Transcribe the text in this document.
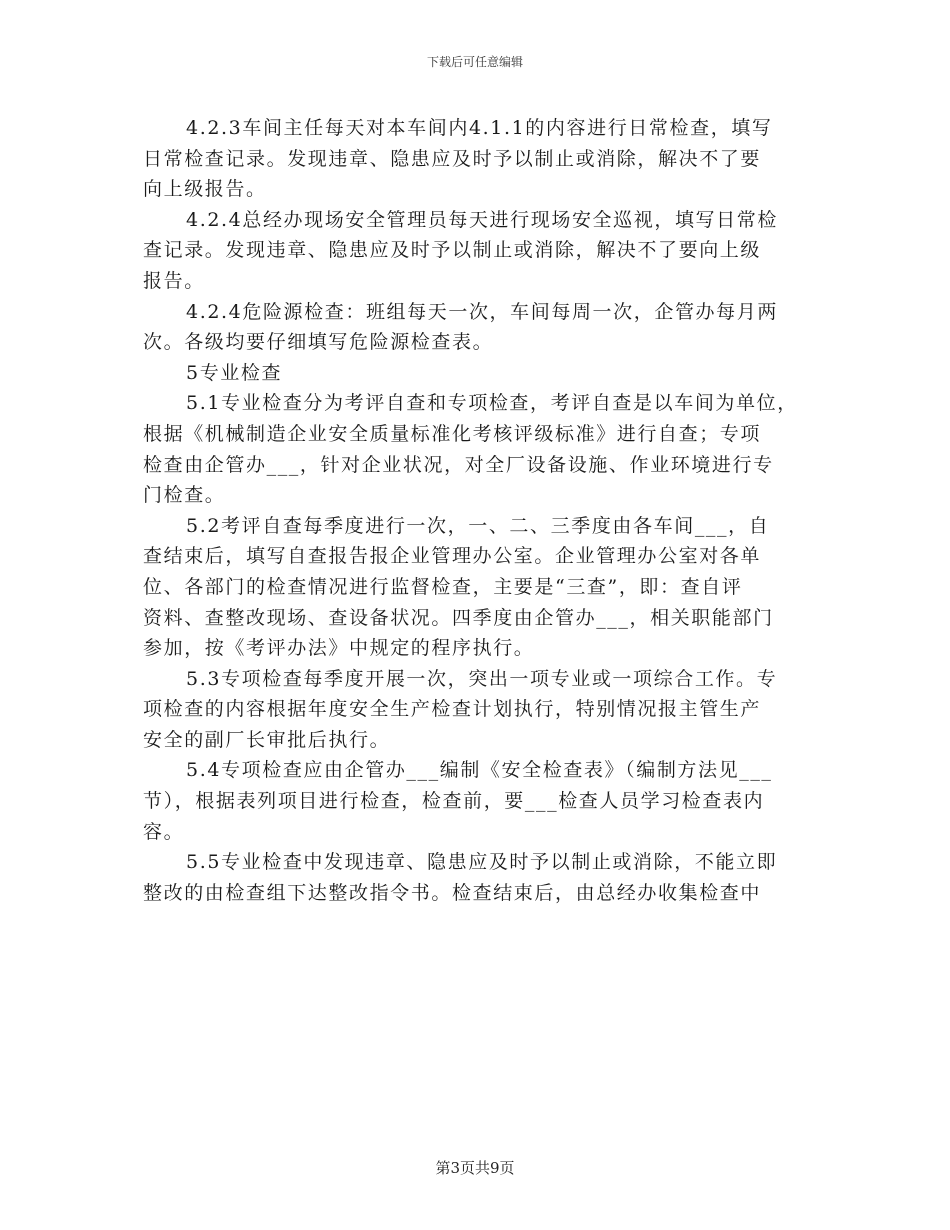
下载后可任意编辑

4.2.3车间主任每天对本车间内4.1.1的内容进行日常检查，填写
日常检查记录。发现违章、隐患应及时予以制止或消除，解决不了要
向上级报告。

4.2.4总经办现场安全管理员每天进行现场安全巡视，填写日常检
查记录。发现违章、隐患应及时予以制止或消除，解决不了要向上级
报告。

4.2.4危险源检查：班组每天一次，车间每周一次，企管办每月两
次。各级均要仔细填写危险源检查表。

5专业检查

5.1专业检查分为考评自查和专项检查，考评自查是以车间为单位，
根据《机械制造企业安全质量标准化考核评级标准》进行自查；专项
检查由企管办___，针对企业状况，对全厂设备设施、作业环境进行专
门检查。

5.2考评自查每季度进行一次，一、二、三季度由各车间___，自
查结束后，填写自查报告报企业管理办公室。企业管理办公室对各单
位、各部门的检查情况进行监督检查，主要是“三查”，即：查自评
资料、查整改现场、查设备状况。四季度由企管办___，相关职能部门
参加，按《考评办法》中规定的程序执行。

5.3专项检查每季度开展一次，突出一项专业或一项综合工作。专
项检查的内容根据年度安全生产检查计划执行，特别情况报主管生产
安全的副厂长审批后执行。

5.4专项检查应由企管办___编制《安全检查表》（编制方法见___
节），根据表列项目进行检查，检查前，要___检查人员学习检查表内
容。

5.5专业检查中发现违章、隐患应及时予以制止或消除，不能立即
整改的由检查组下达整改指令书。检查结束后，由总经办收集检查中

第3页共9页
